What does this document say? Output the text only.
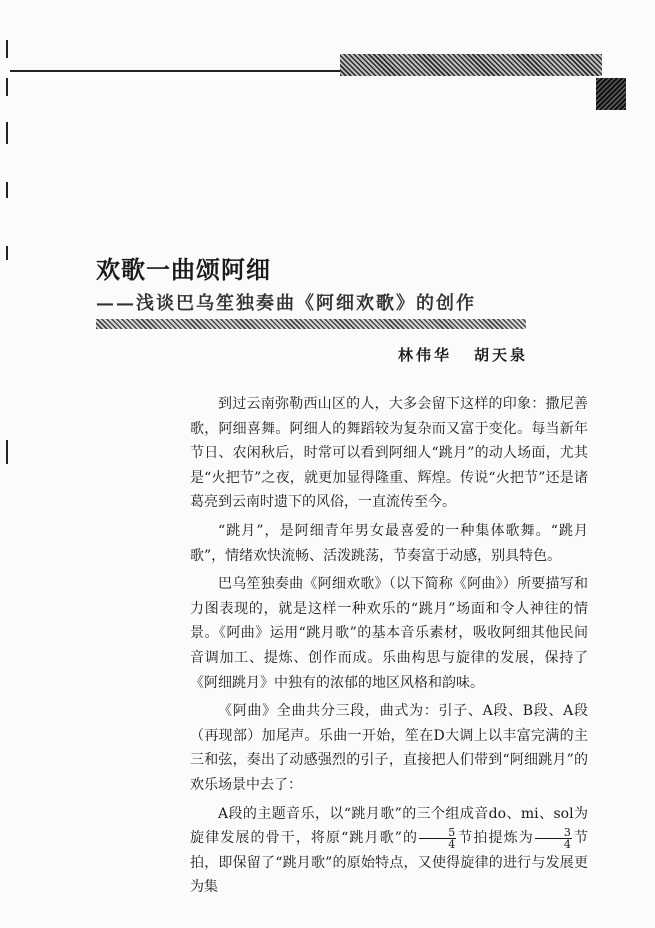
欢歌一曲颂阿细
——浅谈巴乌笙独奏曲《阿细欢歌》的创作
林伟华 胡天泉

到过云南弥勒西山区的人，大多会留下这样的印象：撒尼善歌，阿细喜舞。阿细人的舞蹈较为复杂而又富于变化。每当新年节日、农闲秋后，时常可以看到阿细人“跳月”的动人场面，尤其是“火把节”之夜，就更加显得隆重、辉煌。传说“火把节”还是诸葛亮到云南时遗下的风俗，一直流传至今。

“跳月”，是阿细青年男女最喜爱的一种集体歌舞。“跳月歌”，情绪欢快流畅、活泼跳荡，节奏富于动感，别具特色。

巴乌笙独奏曲《阿细欢歌》（以下简称《阿曲》）所要描写和力图表现的，就是这样一种欢乐的“跳月”场面和令人神往的情景。《阿曲》运用“跳月歌”的基本音乐素材，吸收阿细其他民间音调加工、提炼、创作而成。乐曲构思与旋律的发展，保持了《阿细跳月》中独有的浓郁的地区风格和韵味。

《阿曲》全曲共分三段，曲式为：引子、A段、B段、A段（再现部）加尾声。乐曲一开始，笙在D大调上以丰富完满的主三和弦，奏出了动感强烈的引子，直接把人们带到“阿细跳月”的欢乐场景中去了：

A段的主题音乐，以“跳月歌”的三个组成音do、mi、sol为旋律发展的骨干，将原“跳月歌”的 $\frac{5}{4}$ 节拍提炼为 $\frac{3}{4}$ 节拍，即保留了“跳月歌”的原始特点，又使得旋律的进行与发展更为集
